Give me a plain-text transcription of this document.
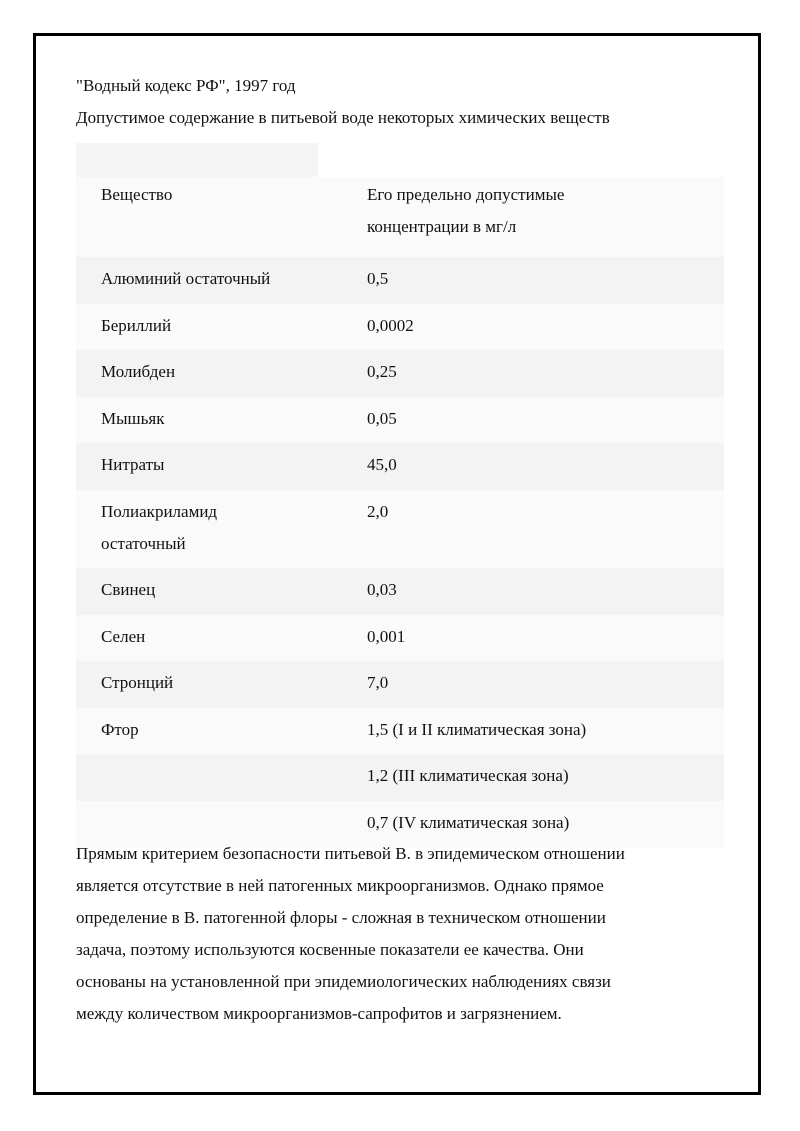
"Водный кодекс РФ", 1997 год
Допустимое содержание в питьевой воде некоторых химических веществ
Вещество	Его предельно допустимые
концентрации в мг/л

Алюминий остаточный	0,5
Бериллий	0,0002
Молибден	0,25
Мышьяк	0,05
Нитраты	45,0

Полиакриламид
остаточный	2,0
Свинец	0,03
Селен	0,001
Стронций	7,0
Фтор	1,5 (I и II климатическая зона)
	1,2 (III климатическая зона)
	0,7 (IV климатическая зона)
Прямым критерием безопасности питьевой В. в эпидемическом отношении
является отсутствие в ней патогенных микроорганизмов. Однако прямое
определение в В. патогенной флоры - сложная в техническом отношении
задача, поэтому используются косвенные показатели ее качества. Они
основаны на установленной при эпидемиологических наблюдениях связи
между количеством микроорганизмов-сапрофитов и загрязнением.
